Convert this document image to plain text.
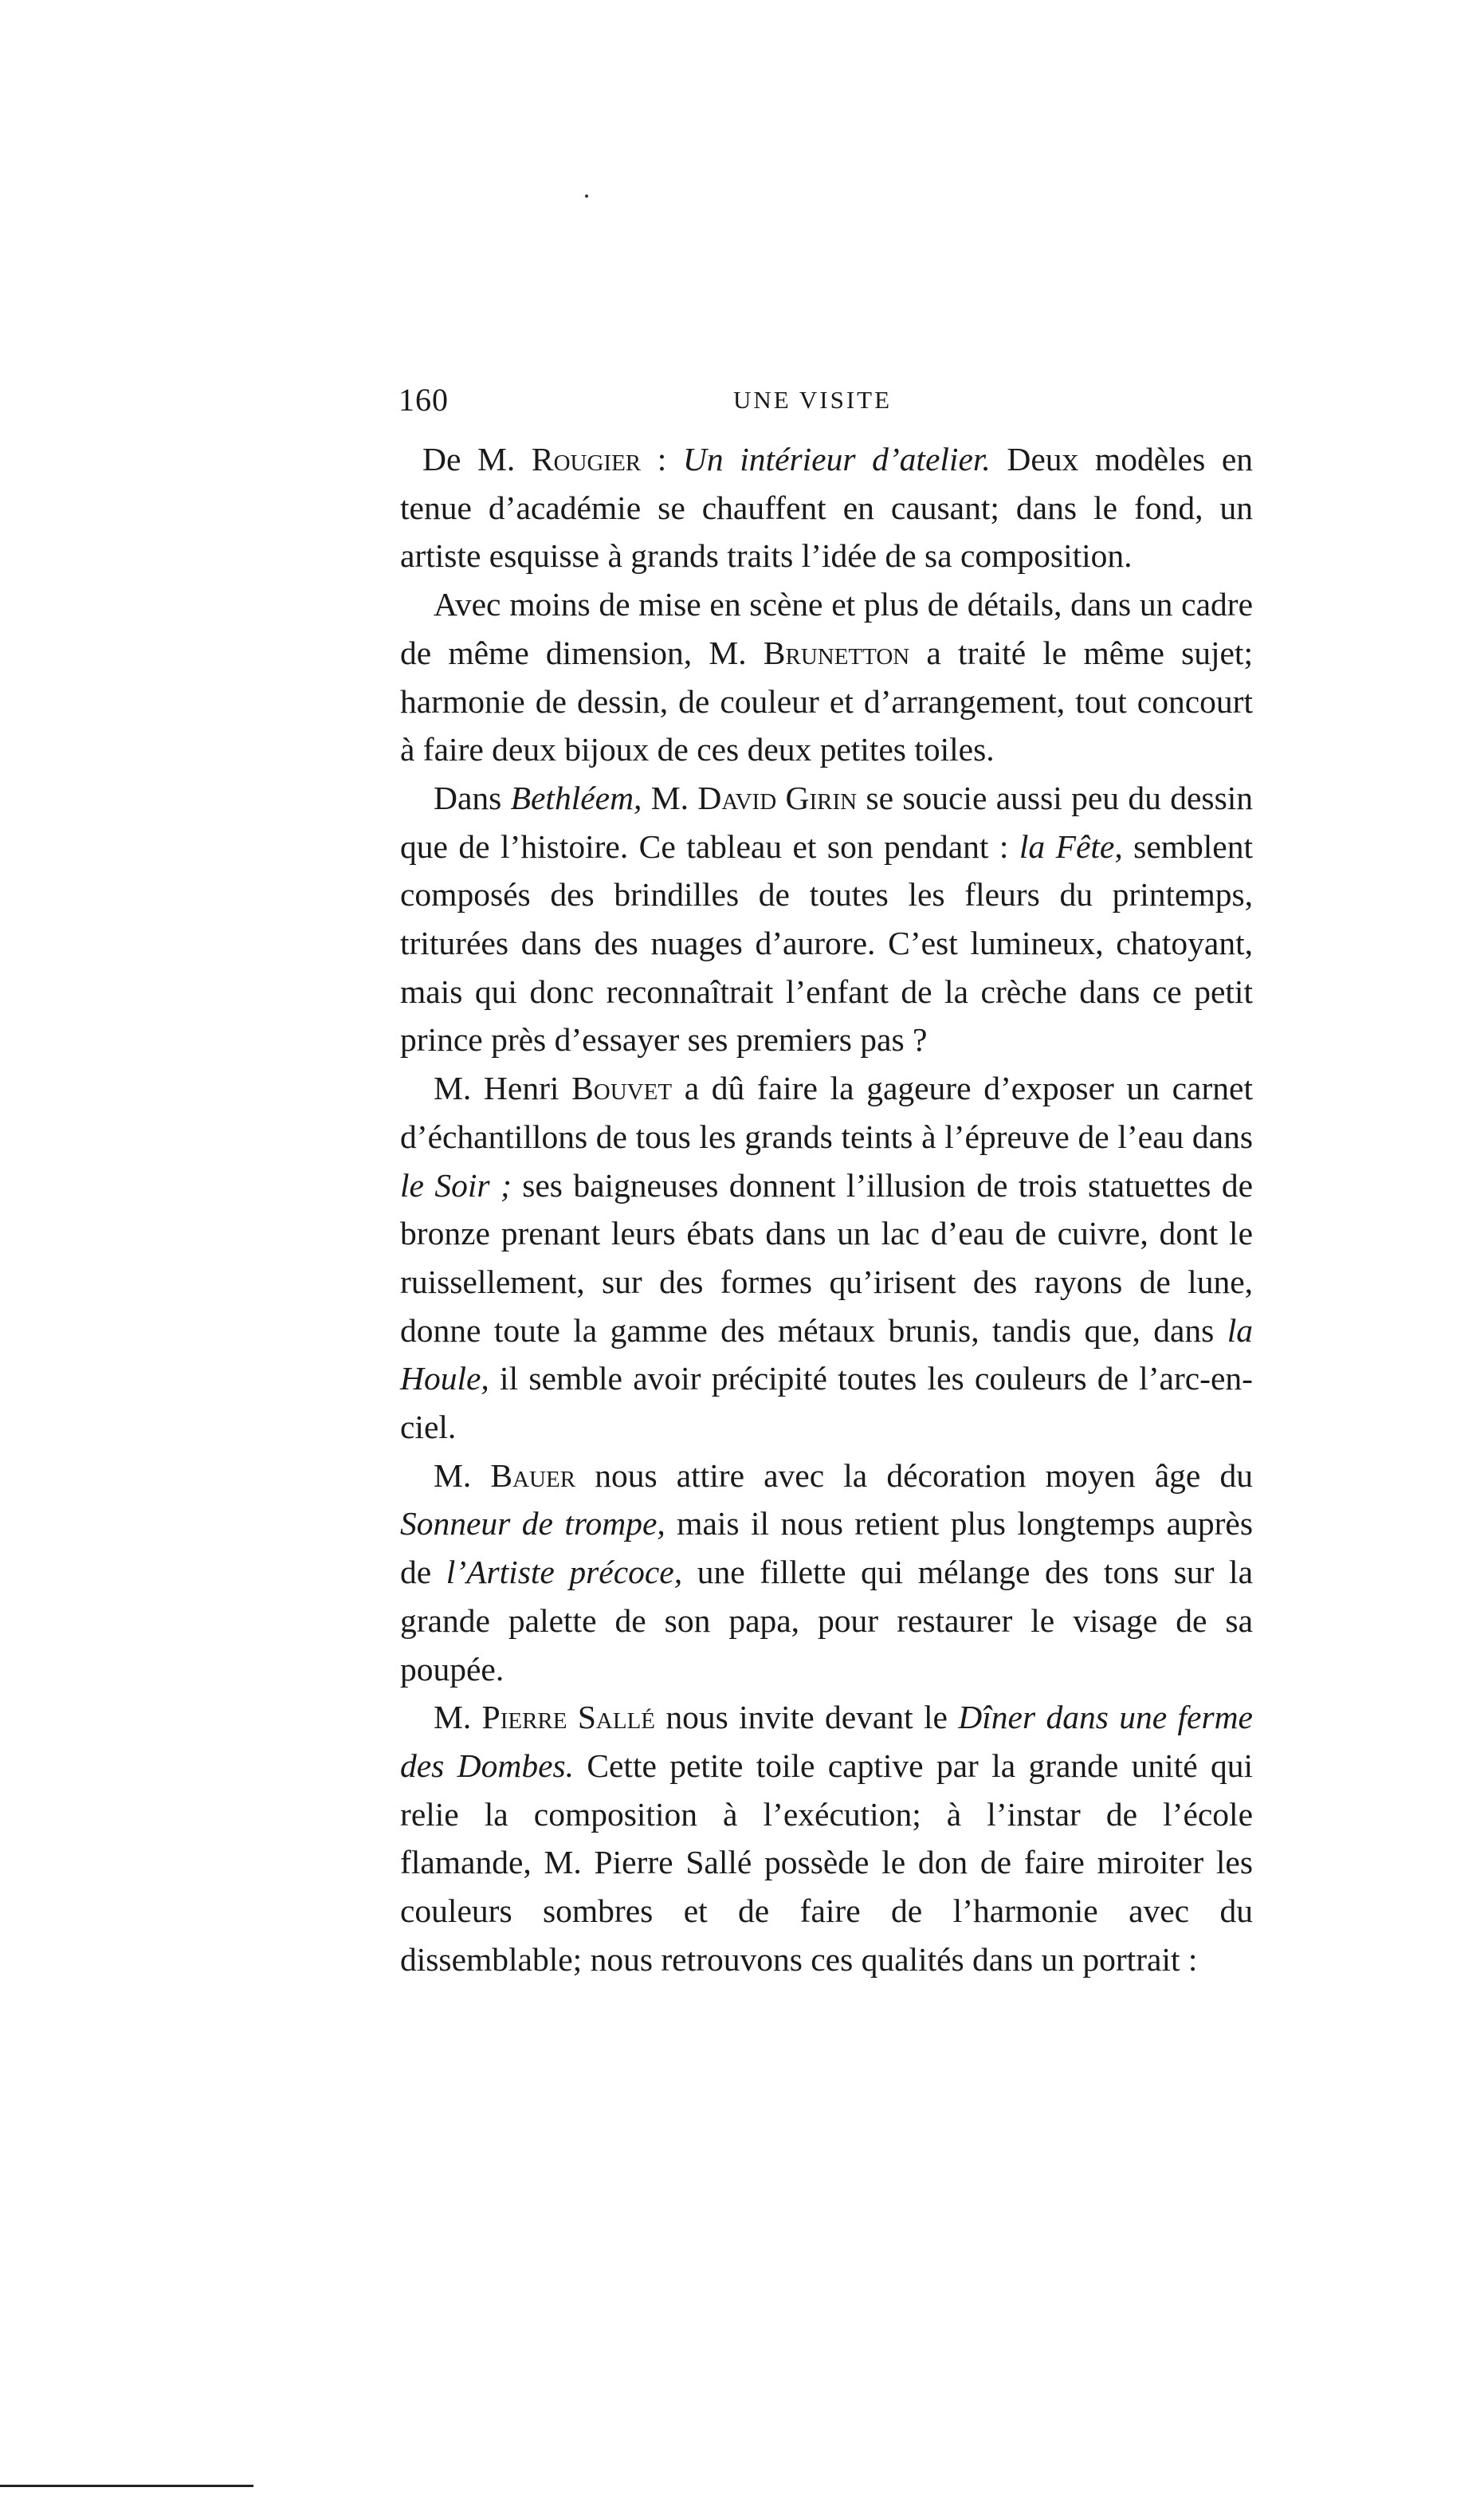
160	UNE VISITE

De M. Rougier : Un intérieur d’atelier. Deux modèles en tenue d’académie se chauffent en causant; dans le fond, un artiste esquisse à grands traits l’idée de sa composition.

Avec moins de mise en scène et plus de détails, dans un cadre de même dimension, M. Brunetton a traité le même sujet; harmonie de dessin, de couleur et d’arrangement, tout concourt à faire deux bijoux de ces deux petites toiles.

Dans Bethléem, M. David Girin se soucie aussi peu du dessin que de l’histoire. Ce tableau et son pendant : la Fête, semblent composés des brindilles de toutes les fleurs du printemps, triturées dans des nuages d’aurore. C’est lumineux, chatoyant, mais qui donc reconnaîtrait l’enfant de la crèche dans ce petit prince près d’essayer ses premiers pas ?

M. Henri Bouvet a dû faire la gageure d’exposer un carnet d’échantillons de tous les grands teints à l’épreuve de l’eau dans le Soir ; ses baigneuses donnent l’illusion de trois statuettes de bronze prenant leurs ébats dans un lac d’eau de cuivre, dont le ruissellement, sur des formes qu’irisent des rayons de lune, donne toute la gamme des métaux brunis, tandis que, dans la Houle, il semble avoir précipité toutes les couleurs de l’arc-en-ciel.

M. Bauer nous attire avec la décoration moyen âge du Sonneur de trompe, mais il nous retient plus longtemps auprès de l’Artiste précoce, une fillette qui mélange des tons sur la grande palette de son papa, pour restaurer le visage de sa poupée.

M. Pierre Sallé nous invite devant le Dîner dans une ferme des Dombes. Cette petite toile captive par la grande unité qui relie la composition à l’exécution; à l’instar de l’école flamande, M. Pierre Sallé possède le don de faire miroiter les couleurs sombres et de faire de l’harmonie avec du dissemblable; nous retrouvons ces qualités dans un portrait :
